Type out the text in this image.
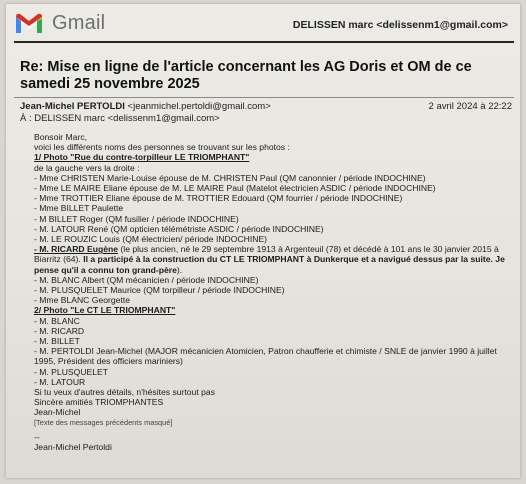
Gmail	DELISSEN marc <delissenm1@gmail.com>
Re: Mise en ligne de l'article concernant les AG Doris et OM de ce samedi 25 novembre 2025
Jean-Michel PERTOLDI <jeanmichel.pertoldi@gmail.com>	2 avril 2024 à 22:22
À : DELISSEN marc <delissenm1@gmail.com>
Bonsoir Marc,
voici les différents noms des personnes se trouvant sur les photos :
1/ Photo "Rue du contre-torpilleur LE TRIOMPHANT"
de la gauche vers la droite :
- Mme CHRISTEN Marie-Louise épouse de M. CHRISTEN Paul (QM canonnier / période INDOCHINE)
- Mme LE MAIRE Eliane épouse de M. LE MAIRE Paul (Matelot électricien ASDIC / période INDOCHINE)
- Mme TROTTIER Eliane épouse de M. TROTTIER Edouard (QM fourrier / période INDOCHINE)
- Mme BILLET Paulette
- M BILLET Roger (QM fusilier / période INDOCHINE)
- M. LATOUR René (QM opticien télémétriste ASDIC / période INDOCHINE)
- M. LE ROUZIC Louis (QM électricien/ période INDOCHINE)
- M. RICARD Eugène (le plus ancien, né le 29 septembre 1913 à Argenteuil (78) et décédé à 101 ans le 30 janvier 2015 à Biarritz (64). Il a participé à la construction du CT LE TRIOMPHANT à Dunkerque et a navigué dessus par la suite. Je pense qu'il a connu ton grand-père).
- M. BLANC Albert (QM mécanicien / période INDOCHINE)
- M. PLUSQUELET Maurice (QM torpilleur / période INDOCHINE)
- Mme BLANC Georgette
2/ Photo "Le CT LE TRIOMPHANT"
- M. BLANC
- M. RICARD
- M. BILLET
- M. PERTOLDI Jean-Michel (MAJOR mécanicien Atomicien, Patron chaufferie et chimiste / SNLE de janvier 1990 à juillet 1995, Président des officiers mariniers)
- M. PLUSQUELET
- M. LATOUR
Si tu veux d'autres détails, n'hésites surtout pas
Sincère amitiés TRIOMPHANTES
Jean-Michel
[Texte des messages précédents masqué]
--
Jean-Michel Pertoldi
